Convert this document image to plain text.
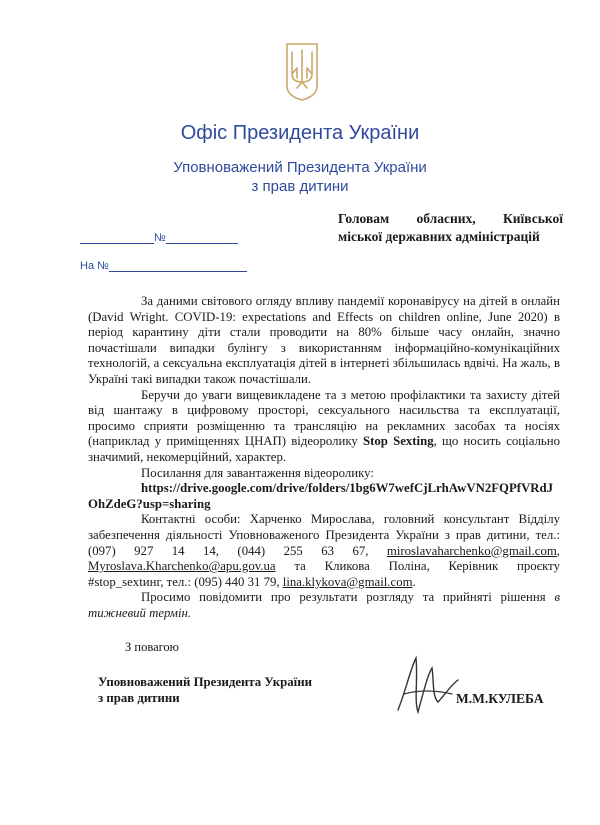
Офіс Президента України
Уповноважений Президента України
з прав дитини
Головам обласних, Київської
міської державних адміністрацій
№
На №

За даними світового огляду впливу пандемії коронавірусу на дітей в онлайн (David Wright. COVID-19: expectations and Effects on children online, June 2020) в період карантину діти стали проводити на 80% більше часу онлайн, значно почастішали випадки булінгу з використанням інформаційно-комунікаційних технологій, а сексуальна експлуатація дітей в інтернеті збільшилась вдвічі. На жаль, в Україні такі випадки також почастішали.

Беручи до уваги вищевикладене та з метою профілактики та захисту дітей від шантажу в цифровому просторі, сексуального насильства та експлуатації, просимо сприяти розміщенню та трансляцію на рекламних засобах та носіях (наприклад у приміщеннях ЦНАП) відеоролику Stop Sexting, що носить соціально значимий, некомерційний, характер.

Посилання для завантаження відеоролику:

https://drive.google.com/drive/folders/1bg6W7wefCjLrhAwVN2FQPfVRdJOhZdeG?usp=sharing

Контактні особи: Харченко Мирослава, головний консультант Відділу забезпечення діяльності Уповноваженого Президента України з прав дитини, тел.: (097) 927 14 14, (044) 255 63 67, miroslavaharchenko@gmail.com, Myroslava.Kharchenko@apu.gov.ua та Кликова Поліна, Керівник проєкту #stop_sextинг, тел.: (095) 440 31 79, lina.klykova@gmail.com.

Просимо повідомити про результати розгляду та прийняті рішення в тижневий термін.

З повагою
Уповноважений Президента України
з прав дитини	М.М.КУЛЕБА
